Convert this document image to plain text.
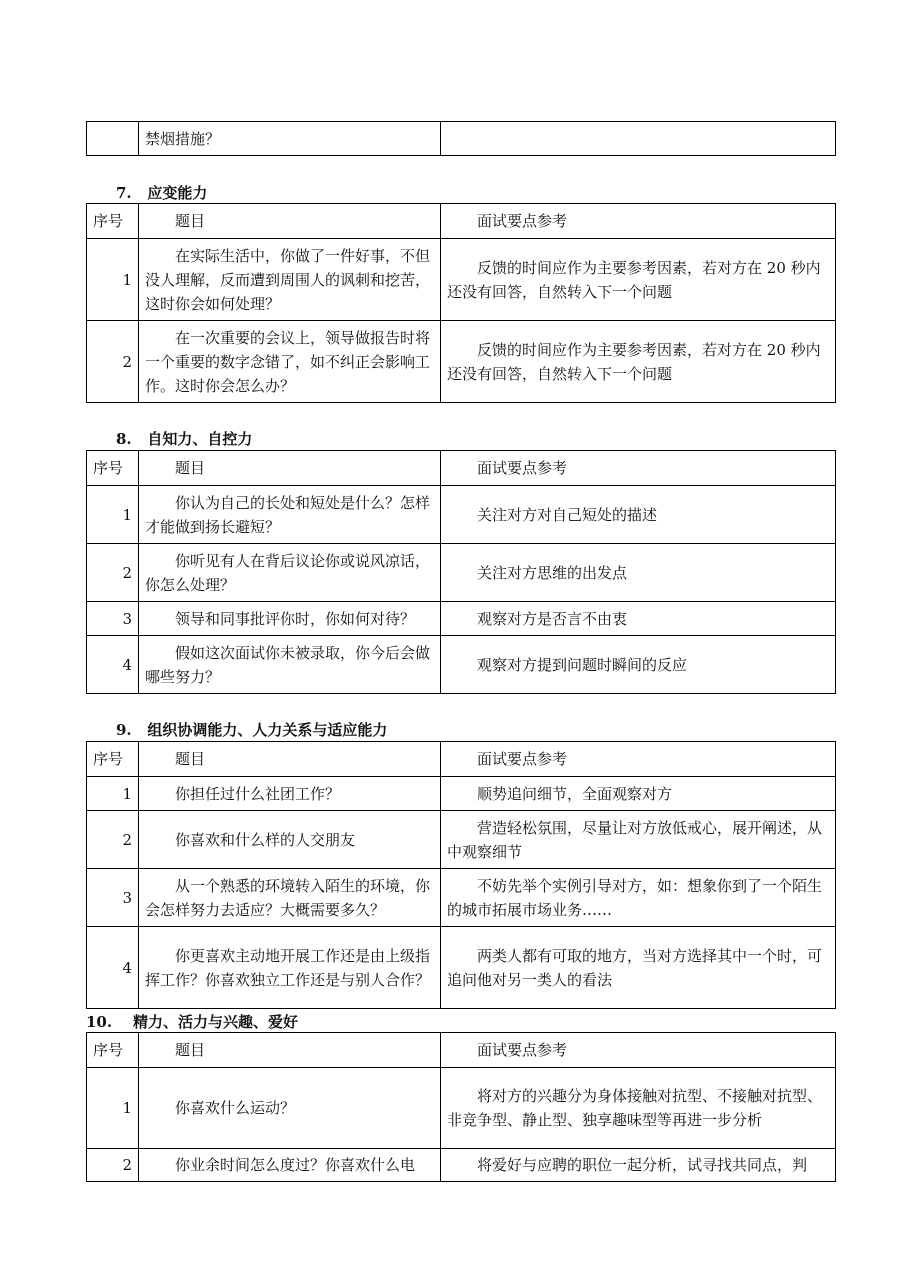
	禁烟措施？	
7. 应变能力
序号	题目	面试要点参考
1	在实际生活中，你做了一件好事，不但没人理解，反而遭到周围人的讽刺和挖苦，这时你会如何处理？	反馈的时间应作为主要参考因素，若对方在 20 秒内还没有回答，自然转入下一个问题
2	在一次重要的会议上，领导做报告时将一个重要的数字念错了，如不纠正会影响工作。这时你会怎么办？	反馈的时间应作为主要参考因素，若对方在 20 秒内还没有回答，自然转入下一个问题
8. 自知力、自控力
序号	题目	面试要点参考
1	你认为自己的长处和短处是什么？怎样才能做到扬长避短？	关注对方对自己短处的描述
2	你听见有人在背后议论你或说风凉话，你怎么处理？	关注对方思维的出发点
3	领导和同事批评你时，你如何对待？	观察对方是否言不由衷
4	假如这次面试你未被录取，你今后会做哪些努力？	观察对方提到问题时瞬间的反应
9. 组织协调能力、人力关系与适应能力
序号	题目	面试要点参考
1	你担任过什么社团工作？	顺势追问细节，全面观察对方
2	你喜欢和什么样的人交朋友	营造轻松氛围，尽量让对方放低戒心，展开阐述，从中观察细节
3	从一个熟悉的环境转入陌生的环境，你会怎样努力去适应？大概需要多久？	不妨先举个实例引导对方，如：想象你到了一个陌生的城市拓展市场业务……
4	你更喜欢主动地开展工作还是由上级指挥工作？你喜欢独立工作还是与别人合作？	两类人都有可取的地方，当对方选择其中一个时，可追问他对另一类人的看法
10. 精力、活力与兴趣、爱好
序号	题目	面试要点参考
1	你喜欢什么运动？	将对方的兴趣分为身体接触对抗型、不接触对抗型、非竞争型、静止型、独享趣味型等再进一步分析
2	你业余时间怎么度过？你喜欢什么电	将爱好与应聘的职位一起分析，试寻找共同点，判
